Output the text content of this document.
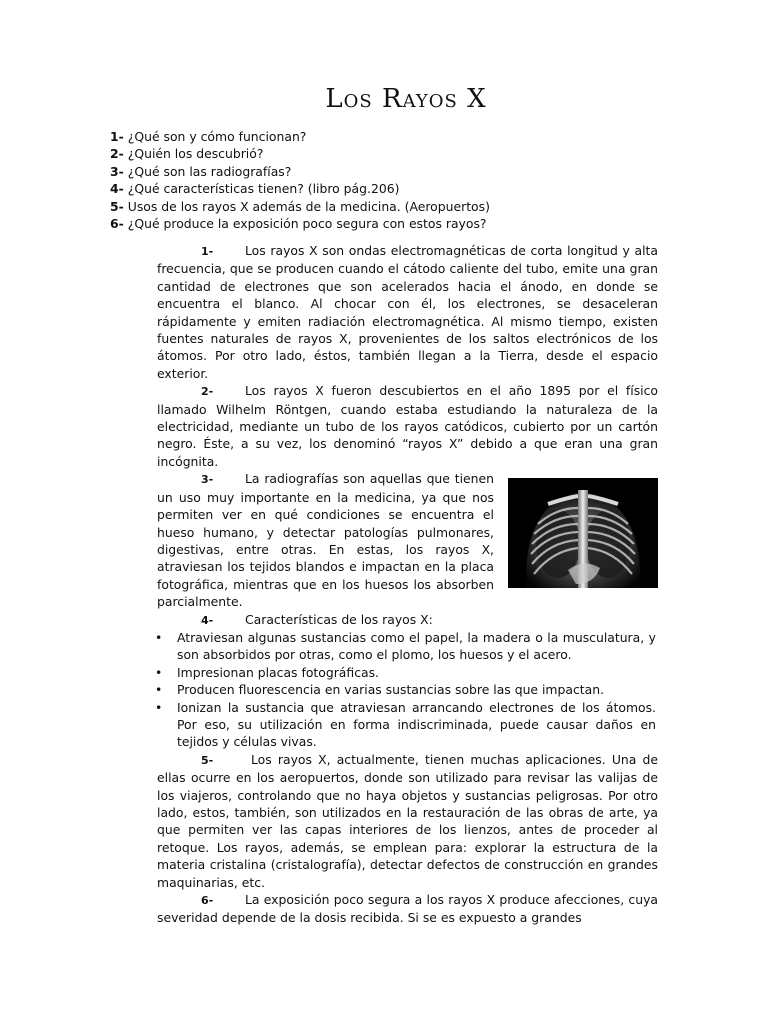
Los Rayos X
1- ¿Qué son y cómo funcionan?
2- ¿Quién los descubrió?
3- ¿Qué son las radiografías?
4- ¿Qué características tienen? (libro pág.206)
5- Usos de los rayos X además de la medicina. (Aeropuertos)
6- ¿Qué produce la exposición poco segura con estos rayos?

1-	Los rayos X son ondas electromagnéticas de corta longitud y alta frecuencia, que se producen cuando el cátodo caliente del tubo, emite una gran cantidad de electrones que son acelerados hacia el ánodo, en donde se encuentra el blanco. Al chocar con él, los electrones, se desaceleran rápidamente y emiten radiación electromagnética. Al mismo tiempo, existen fuentes naturales de rayos X, provenientes de los saltos electrónicos de los átomos. Por otro lado, éstos, también llegan a la Tierra, desde el espacio exterior.

2-	Los rayos X fueron descubiertos en el año 1895 por el físico llamado Wilhelm Röntgen, cuando estaba estudiando la naturaleza de la electricidad, mediante un tubo de los rayos catódicos, cubierto por un cartón negro. Éste, a su vez, los denominó “rayos X” debido a que eran una gran incógnita.

3-	La radiografías son aquellas que tienen un uso muy importante en la medicina, ya que nos permiten ver en qué condiciones se encuentra el hueso humano, y detectar patologías pulmonares, digestivas, entre otras. En estas, los rayos X, atraviesan los tejidos blandos e impactan en la placa fotográfica, mientras que en los huesos los absorben parcialmente.

4-	Características de los rayos X:

• Atraviesan algunas sustancias como el papel, la madera o la musculatura, y son absorbidos por otras, como el plomo, los huesos y el acero.
• Impresionan placas fotográficas.
• Producen fluorescencia en varias sustancias sobre las que impactan.
• Ionizan la sustancia que atraviesan arrancando electrones de los átomos. Por eso, su utilización en forma indiscriminada, puede causar daños en tejidos y células vivas.

5-	Los rayos X, actualmente, tienen muchas aplicaciones. Una de ellas ocurre en los aeropuertos, donde son utilizado para revisar las valijas de los viajeros, controlando que no haya objetos y sustancias peligrosas. Por otro lado, estos, también, son utilizados en la restauración de las obras de arte, ya que permiten ver las capas interiores de los lienzos, antes de proceder al retoque. Los rayos, además, se emplean para: explorar la estructura de la materia cristalina (cristalografía), detectar defectos de construcción en grandes maquinarias, etc.

6-	La exposición poco segura a los rayos X produce afecciones, cuya severidad depende de la dosis recibida. Si se es expuesto a grandes
